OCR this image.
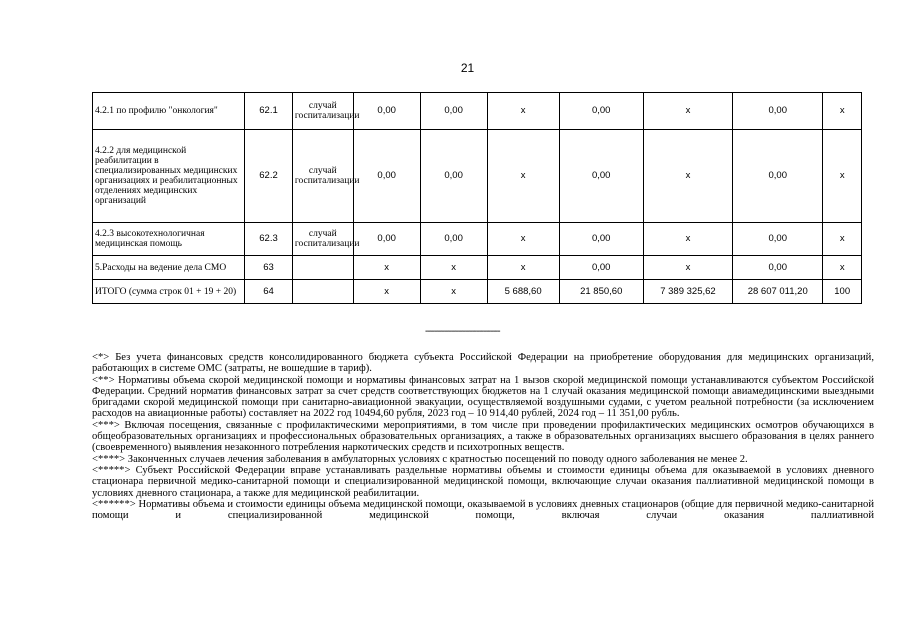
21
4.2.1 по профилю "онкология"	62.1	случай госпитализации	0,00	0,00	x	0,00	x	0,00	x
4.2.2 для медицинской реабилитации в специализированных медицинских организациях и реабилитационных отделениях медицинских организаций	62.2	случай госпитализации	0,00	0,00	x	0,00	x	0,00	x
4.2.3 высокотехнологичная медицинская помощь	62.3	случай госпитализации	0,00	0,00	x	0,00	x	0,00	x
5.Расходы на ведение дела СМО	63		x	x	x	0,00	x	0,00	x
ИТОГО (сумма строк 01 + 19 + 20)	64		x	x	5 688,60	21 850,60	7 389 325,62	28 607 011,20	100
--------------------------------

<*> Без учета финансовых средств консолидированного бюджета субъекта Российской Федерации на приобретение оборудования для медицинских организаций, работающих в системе ОМС (затраты, не вошедшие в тариф).

<**> Нормативы объема скорой медицинской помощи и нормативы финансовых затрат на 1 вызов скорой медицинской помощи устанавливаются субъектом Российской Федерации. Средний норматив финансовых затрат за счет средств соответствующих бюджетов на 1 случай оказания медицинской помощи авиамедицинскими выездными бригадами скорой медицинской помощи при санитарно-авиационной эвакуации, осуществляемой воздушными судами, с учетом реальной потребности (за исключением расходов на авиационные работы) составляет на 2022 год 10494,60 рубля, 2023 год – 10 914,40 рублей, 2024 год – 11 351,00 рубль.

<***> Включая посещения, связанные с профилактическими мероприятиями, в том числе при проведении профилактических медицинских осмотров обучающихся в общеобразовательных организациях и профессиональных образовательных организациях, а также в образовательных организациях высшего образования в целях раннего (своевременного) выявления незаконного потребления наркотических средств и психотропных веществ.

<****> Законченных случаев лечения заболевания в амбулаторных условиях с кратностью посещений по поводу одного заболевания не менее 2.

<*****> Субъект Российской Федерации вправе устанавливать раздельные нормативы объемы и стоимости единицы объема для оказываемой в условиях дневного стационара первичной медико-санитарной помощи и специализированной медицинской помощи, включающие случаи оказания паллиативной медицинской помощи в условиях дневного стационара, а также для медицинской реабилитации.

<******> Нормативы объема и стоимости единицы объема медицинской помощи, оказываемой в условиях дневных стационаров (общие для первичной медико-санитарной помощи и специализированной медицинской помощи, включая случаи оказания паллиативной
